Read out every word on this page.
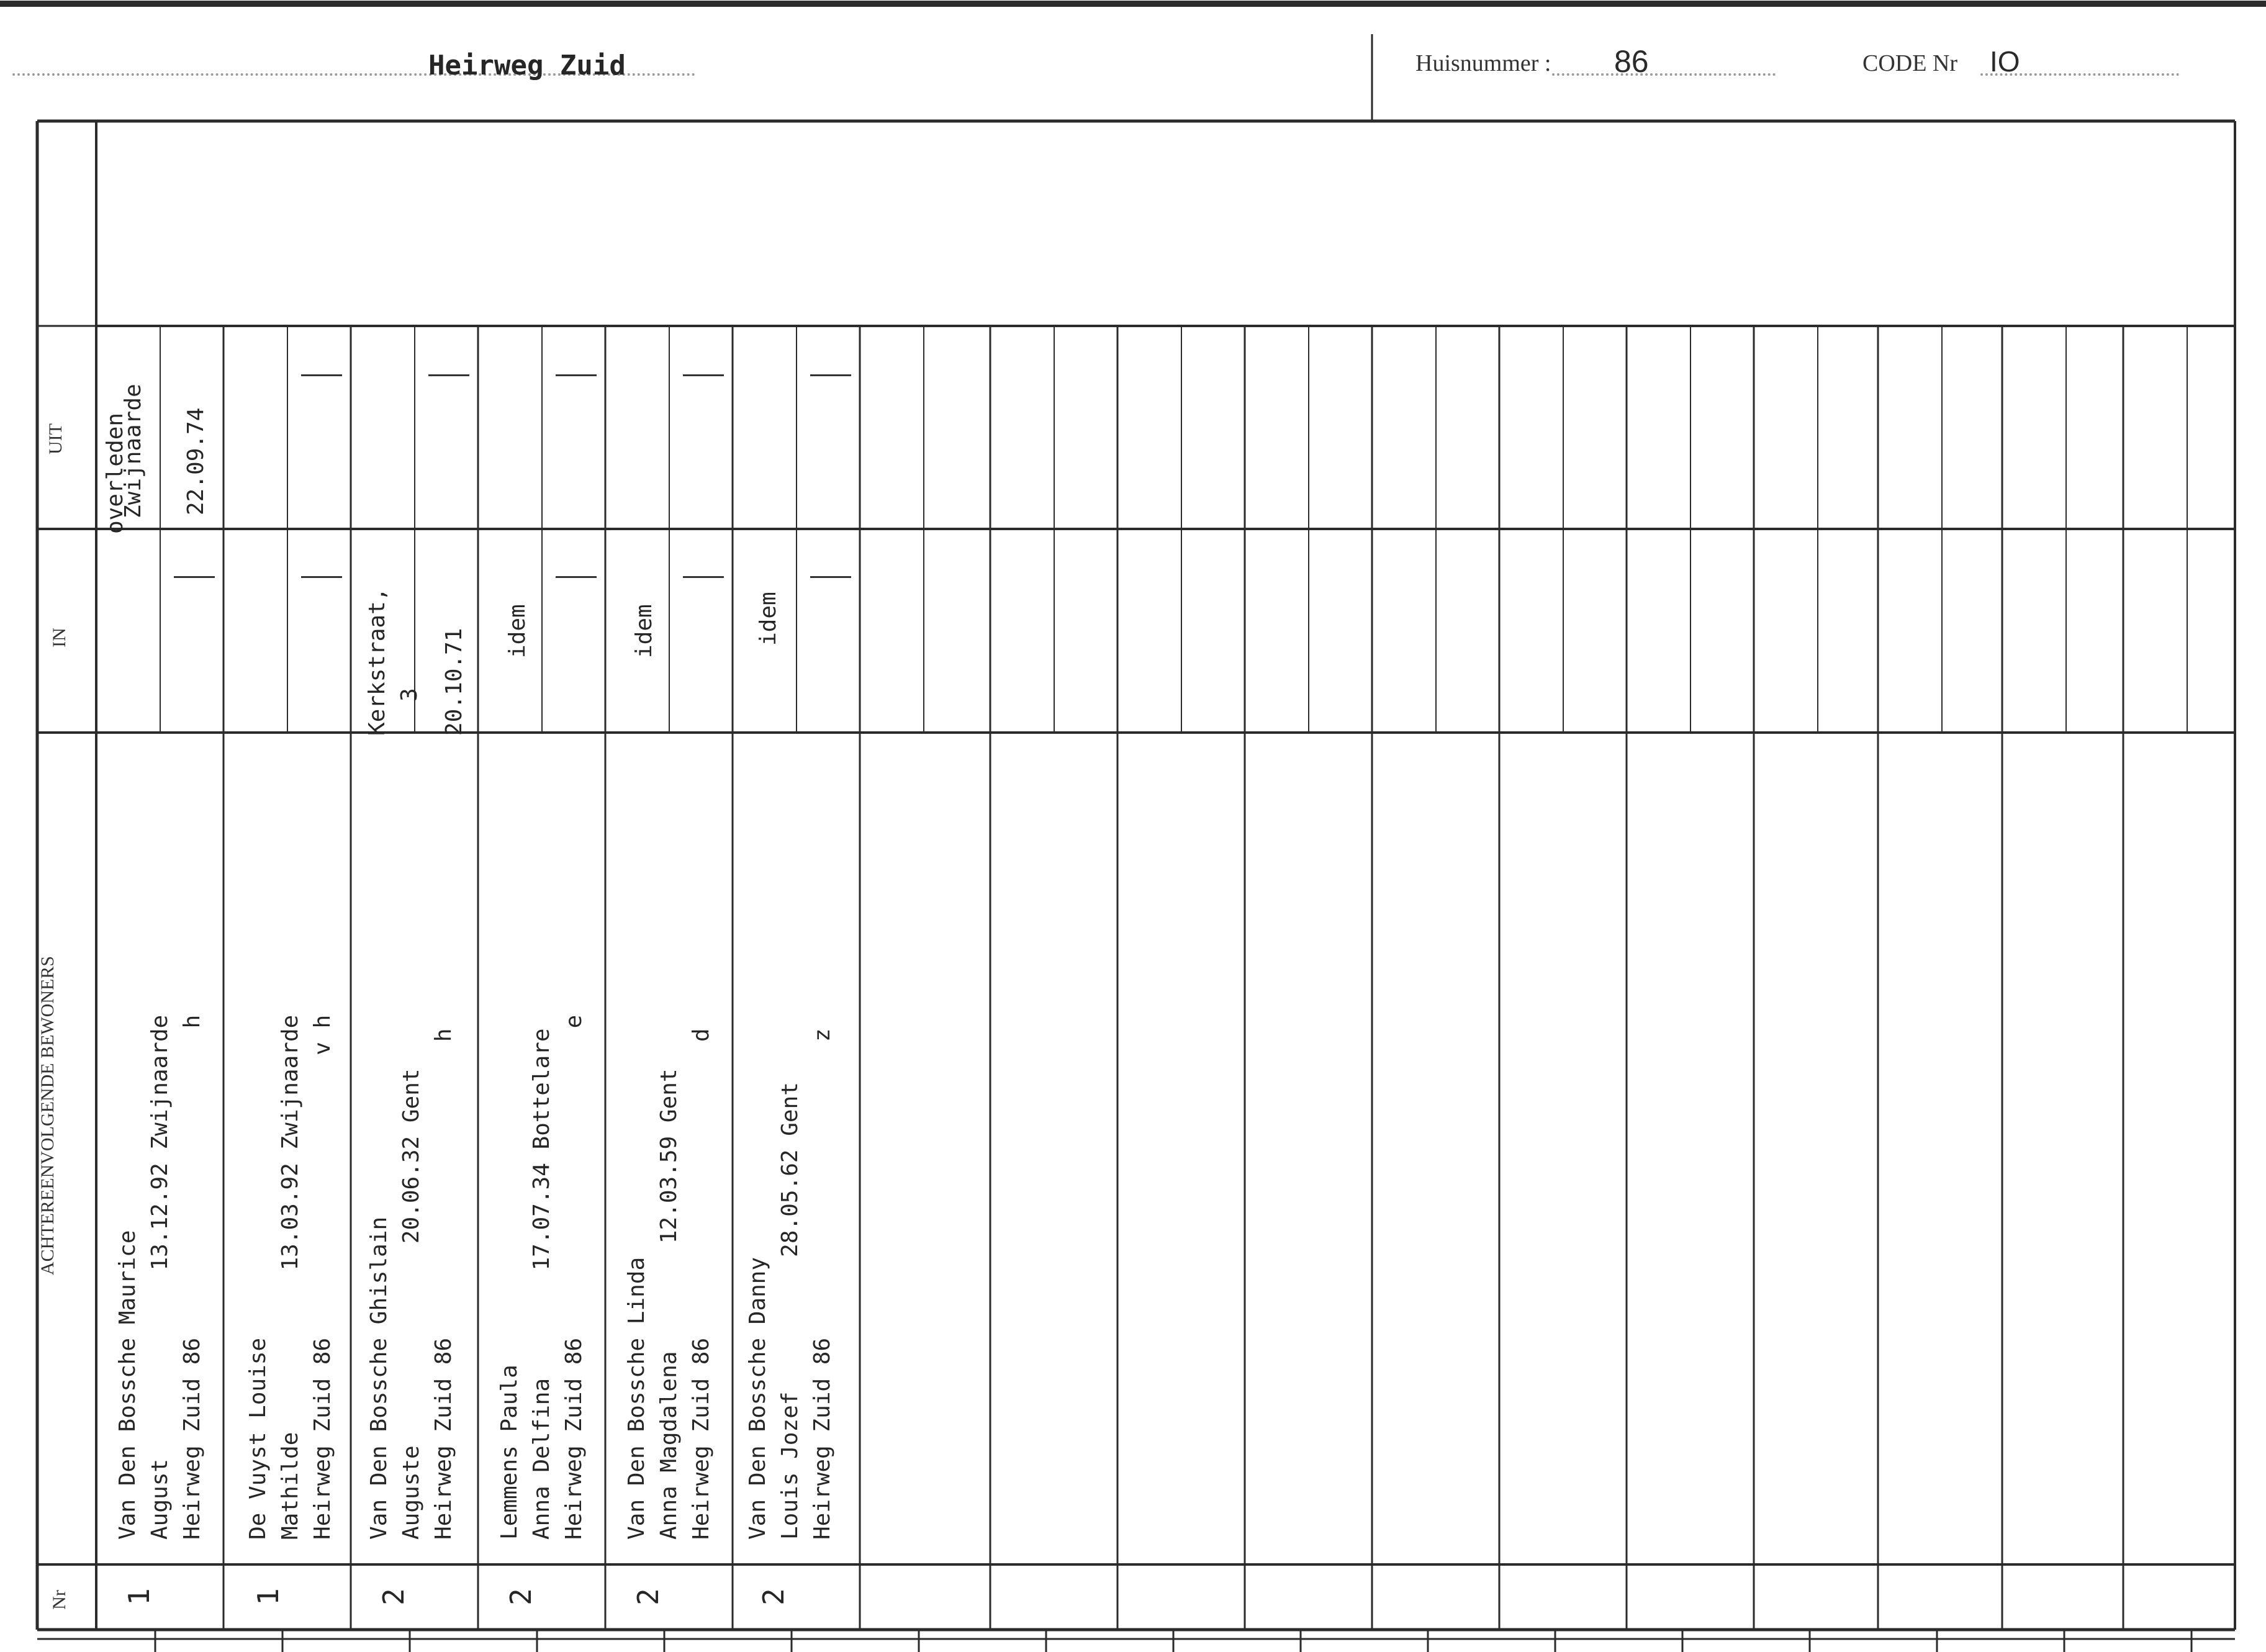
Heirweg Zuid	Huisnummer : 86	CODE Nr IO
UIT
IN
ACHTEREENVOLGENDE BEWONERS
Nr
Van Den Bossche Maurice August              13.12.92 Zwijnaarde Heirweg Zuid 86                       h
1
overleden
Zwijnaarde 22.09.74
De Vuyst Louise Mathilde            13.03.92 Zwijnaarde Heirweg Zuid 86                     v h
1
Van Den Bossche Ghislain Auguste               20.06.32 Gent Heirweg Zuid 86                      h
2
Kerkstraat, 3 20.10.71
Lemmens Paula Anna Delfina        17.07.34 Bottelare Heirweg Zuid 86                       e
2
idem
Van Den Bossche Linda Anna Magdalena        12.03.59 Gent Heirweg Zuid 86                      d
2
idem
Van Den Bossche Danny Louis Jozef          28.05.62 Gent Heirweg Zuid 86                      z
2
idem
